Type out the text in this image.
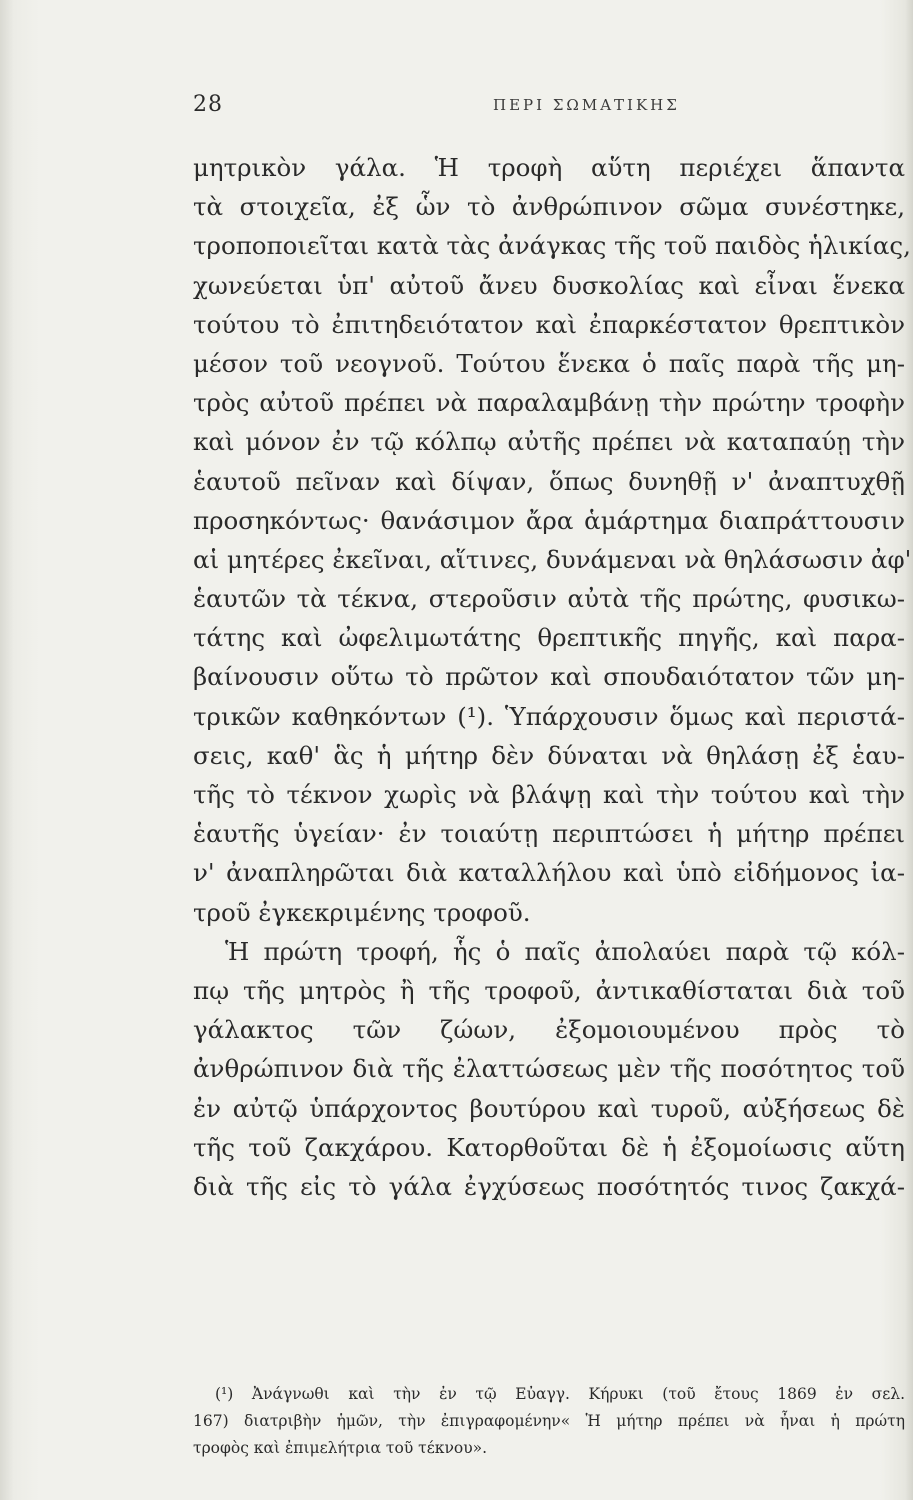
28	ΠΕΡΙ ΣΩΜΑΤΙΚΗΣ
μητρικὸν γάλα. Ἡ τροφὴ αὕτη περιέχει ἅπαντα
τὰ στοιχεῖα, ἐξ ὧν τὸ ἀνθρώπινον σῶμα συνέστηκε,
τροποποιεῖται κατὰ τὰς ἀνάγκας τῆς τοῦ παιδὸς ἡλικίας,
χωνεύεται ὑπ' αὐτοῦ ἄνευ δυσκολίας καὶ εἶναι ἕνεκα
τούτου τὸ ἐπιτηδειότατον καὶ ἐπαρκέστατον θρεπτικὸν
μέσον τοῦ νεογνοῦ. Τούτου ἕνεκα ὁ παῖς παρὰ τῆς μη-
τρὸς αὐτοῦ πρέπει νὰ παραλαμβάνῃ τὴν πρώτην τροφὴν
καὶ μόνον ἐν τῷ κόλπῳ αὐτῆς πρέπει νὰ καταπαύῃ τὴν
ἑαυτοῦ πεῖναν καὶ δίψαν, ὅπως δυνηθῇ ν' ἀναπτυχθῇ
προσηκόντως· θανάσιμον ἄρα ἁμάρτημα διαπράττουσιν
αἱ μητέρες ἐκεῖναι, αἵτινες, δυνάμεναι νὰ θηλάσωσιν ἀφ'
ἑαυτῶν τὰ τέκνα, στεροῦσιν αὐτὰ τῆς πρώτης, φυσικω-
τάτης καὶ ὠφελιμωτάτης θρεπτικῆς πηγῆς, καὶ παρα-
βαίνουσιν οὕτω τὸ πρῶτον καὶ σπουδαιότατον τῶν μη-
τρικῶν καθηκόντων (¹). Ὑπάρχουσιν ὅμως καὶ περιστά-
σεις, καθ' ἃς ἡ μήτηρ δὲν δύναται νὰ θηλάσῃ ἐξ ἑαυ-
τῆς τὸ τέκνον χωρὶς νὰ βλάψῃ καὶ τὴν τούτου καὶ τὴν
ἑαυτῆς ὑγείαν· ἐν τοιαύτῃ περιπτώσει ἡ μήτηρ πρέπει
ν' ἀναπληρῶται διὰ καταλλήλου καὶ ὑπὸ εἰδήμονος ἰα-
τροῦ ἐγκεκριμένης τροφοῦ.
Ἡ πρώτη τροφή, ἧς ὁ παῖς ἀπολαύει παρὰ τῷ κόλ-
πῳ τῆς μητρὸς ἢ τῆς τροφοῦ, ἀντικαθίσταται διὰ τοῦ
γάλακτος τῶν ζώων, ἐξομοιουμένου πρὸς τὸ
ἀνθρώπινον διὰ τῆς ἐλαττώσεως μὲν τῆς ποσότητος τοῦ
ἐν αὐτῷ ὑπάρχοντος βουτύρου καὶ τυροῦ, αὐξήσεως δὲ
τῆς τοῦ ζακχάρου. Κατορθοῦται δὲ ἡ ἐξομοίωσις αὕτη
διὰ τῆς εἰς τὸ γάλα ἐγχύσεως ποσότητός τινος ζακχά-
(¹) Ἀνάγνωθι καὶ τὴν ἐν τῷ Εὐαγγ. Κήρυκι (τοῦ ἔτους 1869 ἐν σελ.
167) διατριβὴν ἡμῶν, τὴν ἐπιγραφομένην« Ἡ μήτηρ πρέπει νὰ ἦναι ἡ πρώτη
τροφὸς καὶ ἐπιμελήτρια τοῦ τέκνου».
